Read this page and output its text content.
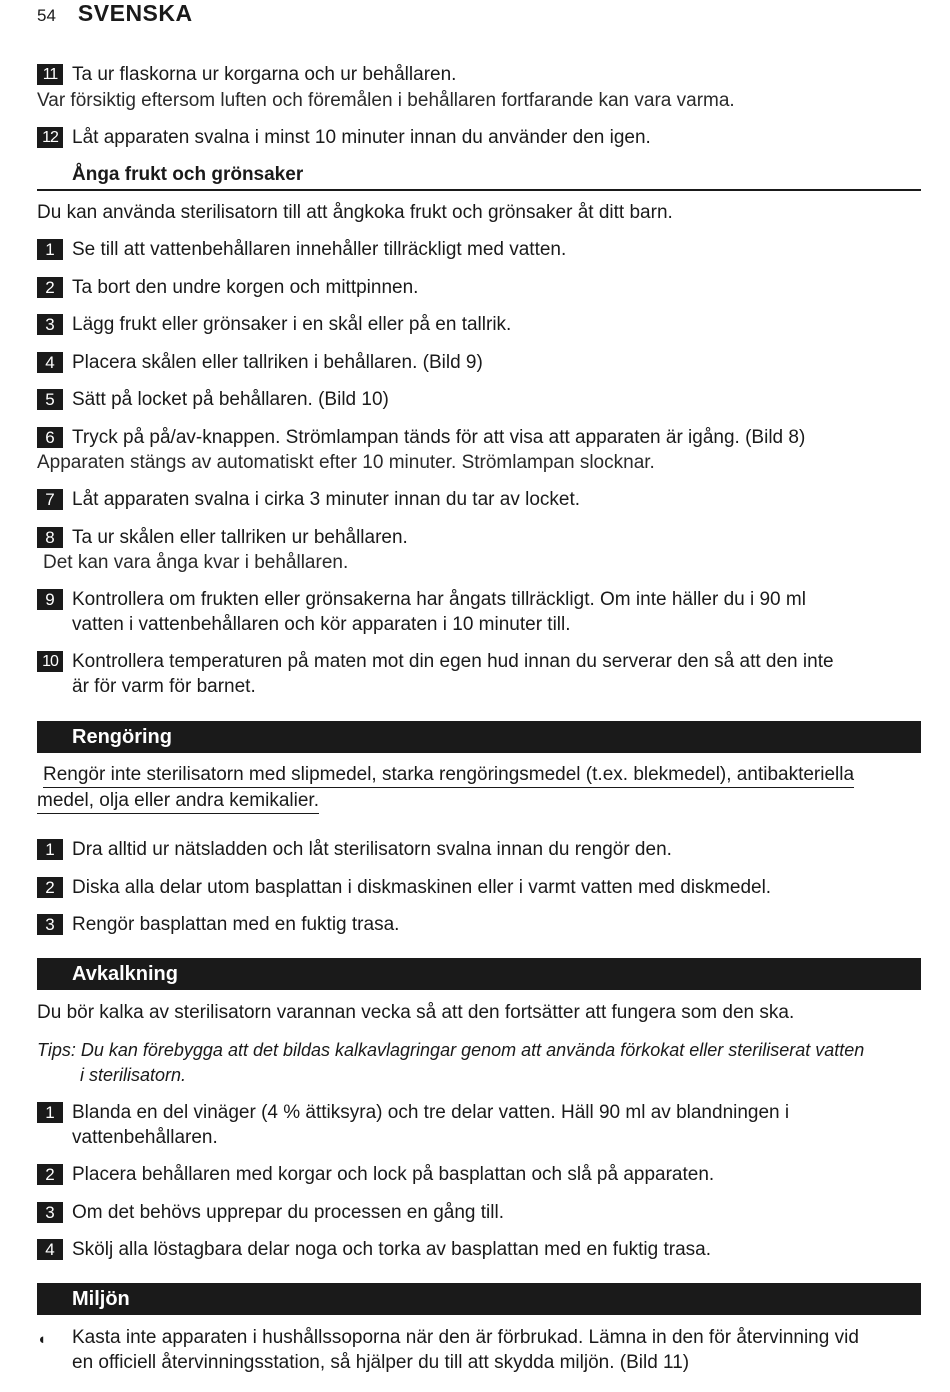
54 SVENSKA
11 Ta ur flaskorna ur korgarna och ur behållaren.
Var försiktig eftersom luften och föremålen i behållaren fortfarande kan vara varma.
12 Låt apparaten svalna i minst 10 minuter innan du använder den igen.
Ånga frukt och grönsaker
Du kan använda sterilisatorn till att ångkoka frukt och grönsaker åt ditt barn.
1 Se till att vattenbehållaren innehåller tillräckligt med vatten.
2 Ta bort den undre korgen och mittpinnen.
3 Lägg frukt eller grönsaker i en skål eller på en tallrik.
4 Placera skålen eller tallriken i behållaren. (Bild 9)
5 Sätt på locket på behållaren. (Bild 10)
6 Tryck på på/av-knappen. Strömlampan tänds för att visa att apparaten är igång. (Bild 8)
Apparaten stängs av automatiskt efter 10 minuter. Strömlampan slocknar.
7 Låt apparaten svalna i cirka 3 minuter innan du tar av locket.
8 Ta ur skålen eller tallriken ur behållaren.
Det kan vara ånga kvar i behållaren.
9 Kontrollera om frukten eller grönsakerna har ångats tillräckligt. Om inte häller du i 90 ml
vatten i vattenbehållaren och kör apparaten i 10 minuter till.
10 Kontrollera temperaturen på maten mot din egen hud innan du serverar den så att den inte
är för varm för barnet.
Rengöring
Rengör inte sterilisatorn med slipmedel, starka rengöringsmedel (t.ex. blekmedel), antibakteriella
medel, olja eller andra kemikalier.
1 Dra alltid ur nätsladden och låt sterilisatorn svalna innan du rengör den.
2 Diska alla delar utom basplattan i diskmaskinen eller i varmt vatten med diskmedel.
3 Rengör basplattan med en fuktig trasa.
Avkalkning
Du bör kalka av sterilisatorn varannan vecka så att den fortsätter att fungera som den ska.
Tips: Du kan förebygga att det bildas kalkavlagringar genom att använda förkokat eller steriliserat vatten
i sterilisatorn.
1 Blanda en del vinäger (4 % ättiksyra) och tre delar vatten. Häll 90 ml av blandningen i
vattenbehållaren.
2 Placera behållaren med korgar och lock på basplattan och slå på apparaten.
3 Om det behövs upprepar du processen en gång till.
4 Skölj alla löstagbara delar noga och torka av basplattan med en fuktig trasa.
Miljön
◖	Kasta inte apparaten i hushållssoporna när den är förbrukad. Lämna in den för återvinning vid
en officiell återvinningsstation, så hjälper du till att skydda miljön. (Bild 11)
